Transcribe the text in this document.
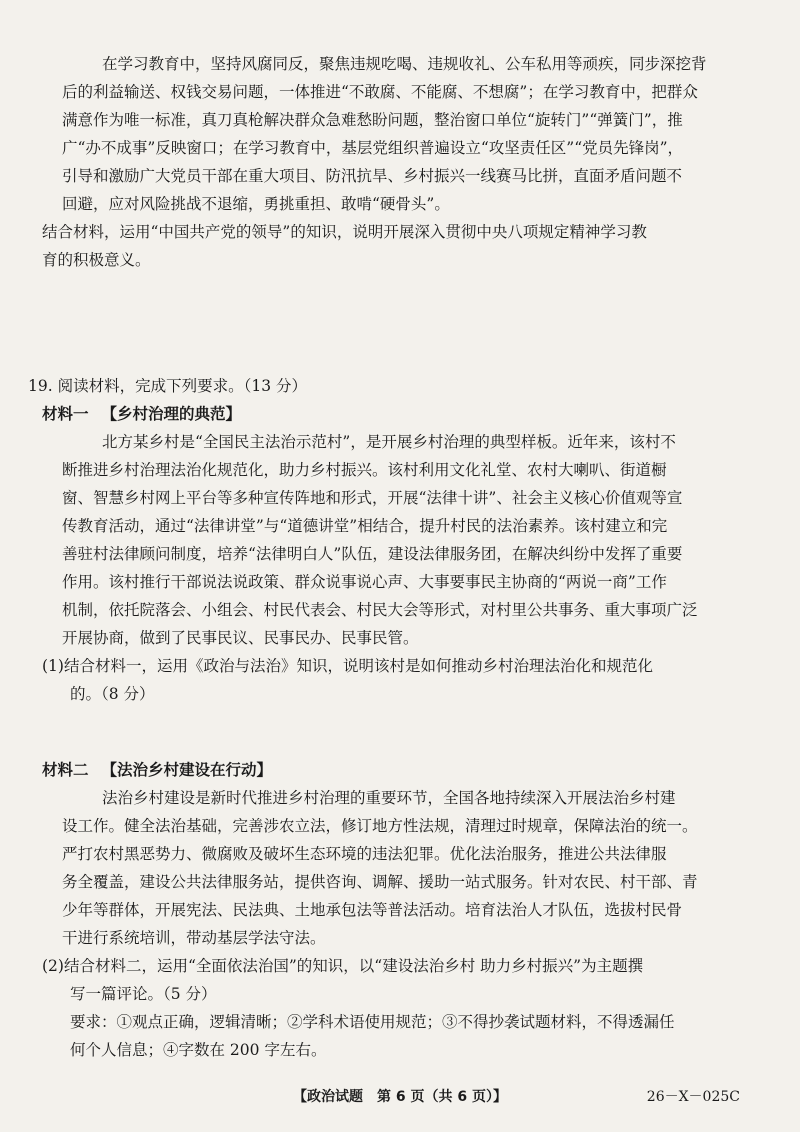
在学习教育中，坚持风腐同反，聚焦违规吃喝、违规收礼、公车私用等顽疾，同步深挖背
后的利益输送、权钱交易问题，一体推进“不敢腐、不能腐、不想腐”；在学习教育中，把群众
满意作为唯一标准，真刀真枪解决群众急难愁盼问题，整治窗口单位“旋转门”“弹簧门”，推
广“办不成事”反映窗口；在学习教育中，基层党组织普遍设立“攻坚责任区”“党员先锋岗”，
引导和激励广大党员干部在重大项目、防汛抗旱、乡村振兴一线赛马比拼，直面矛盾问题不
回避，应对风险挑战不退缩，勇挑重担、敢啃“硬骨头”。
结合材料，运用“中国共产党的领导”的知识，说明开展深入贯彻中央八项规定精神学习教
育的积极意义。
19. 阅读材料，完成下列要求。（13 分）
材料一 【乡村治理的典范】
北方某乡村是“全国民主法治示范村”，是开展乡村治理的典型样板。近年来，该村不
断推进乡村治理法治化规范化，助力乡村振兴。该村利用文化礼堂、农村大喇叭、街道橱
窗、智慧乡村网上平台等多种宣传阵地和形式，开展“法律十讲”、社会主义核心价值观等宣
传教育活动，通过“法律讲堂”与“道德讲堂”相结合，提升村民的法治素养。该村建立和完
善驻村法律顾问制度，培养“法律明白人”队伍，建设法律服务团，在解决纠纷中发挥了重要
作用。该村推行干部说法说政策、群众说事说心声、大事要事民主协商的“两说一商”工作
机制，依托院落会、小组会、村民代表会、村民大会等形式，对村里公共事务、重大事项广泛
开展协商，做到了民事民议、民事民办、民事民管。
(1)结合材料一，运用《政治与法治》知识，说明该村是如何推动乡村治理法治化和规范化
的。（8 分）
材料二 【法治乡村建设在行动】
法治乡村建设是新时代推进乡村治理的重要环节，全国各地持续深入开展法治乡村建
设工作。健全法治基础，完善涉农立法，修订地方性法规，清理过时规章，保障法治的统一。
严打农村黑恶势力、微腐败及破坏生态环境的违法犯罪。优化法治服务，推进公共法律服
务全覆盖，建设公共法律服务站，提供咨询、调解、援助一站式服务。针对农民、村干部、青
少年等群体，开展宪法、民法典、土地承包法等普法活动。培育法治人才队伍，选拔村民骨
干进行系统培训，带动基层学法守法。
(2)结合材料二，运用“全面依法治国”的知识，以“建设法治乡村 助力乡村振兴”为主题撰
写一篇评论。（5 分）
要求：①观点正确，逻辑清晰；②学科术语使用规范；③不得抄袭试题材料，不得透漏任
何个人信息；④字数在 200 字左右。
【政治试题　第 6 页（共 6 页）】	26－X－025C
